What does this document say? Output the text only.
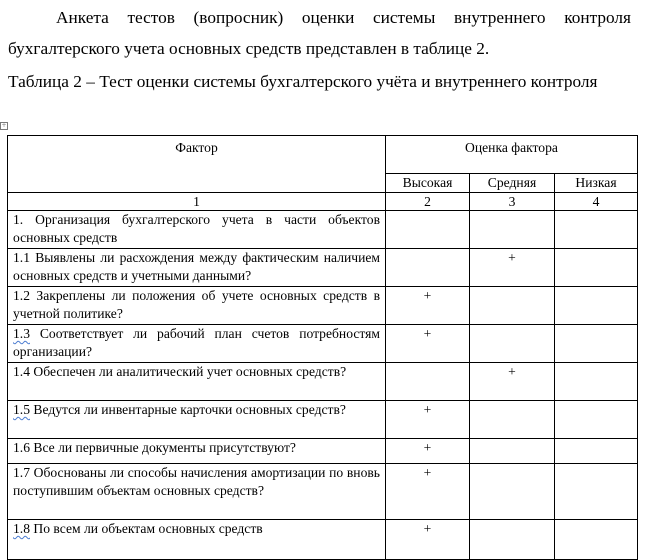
Анкета тестов (вопросник) оценки системы внутреннего контроля бухгалтерского учета основных средств представлен в таблице 2.
Таблица 2 – Тест оценки системы бухгалтерского учёта и внутреннего контроля
+
Фактор	Оценка фактора		
	Высокая	Средняя	Низкая
1	2	3	4
1. Организация бухгалтерского учета в части объектов основных средств			
1.1 Выявлены ли расхождения между фактическим наличием основных средств и учетными данными?		+	
1.2 Закреплены ли положения об учете основных средств в учетной политике?	+		
1.3 Соответствует ли рабочий план счетов потребностям организации?	+		
1.4 Обеспечен ли аналитический учет основных средств?		+	
1.5 Ведутся ли инвентарные карточки основных средств?	+		
1.6 Все ли первичные документы присутствуют?	+		
1.7 Обоснованы ли способы начисления амортизации по вновь поступившим объектам основных средств?	+		
1.8 По всем ли объектам основных средств	+		
